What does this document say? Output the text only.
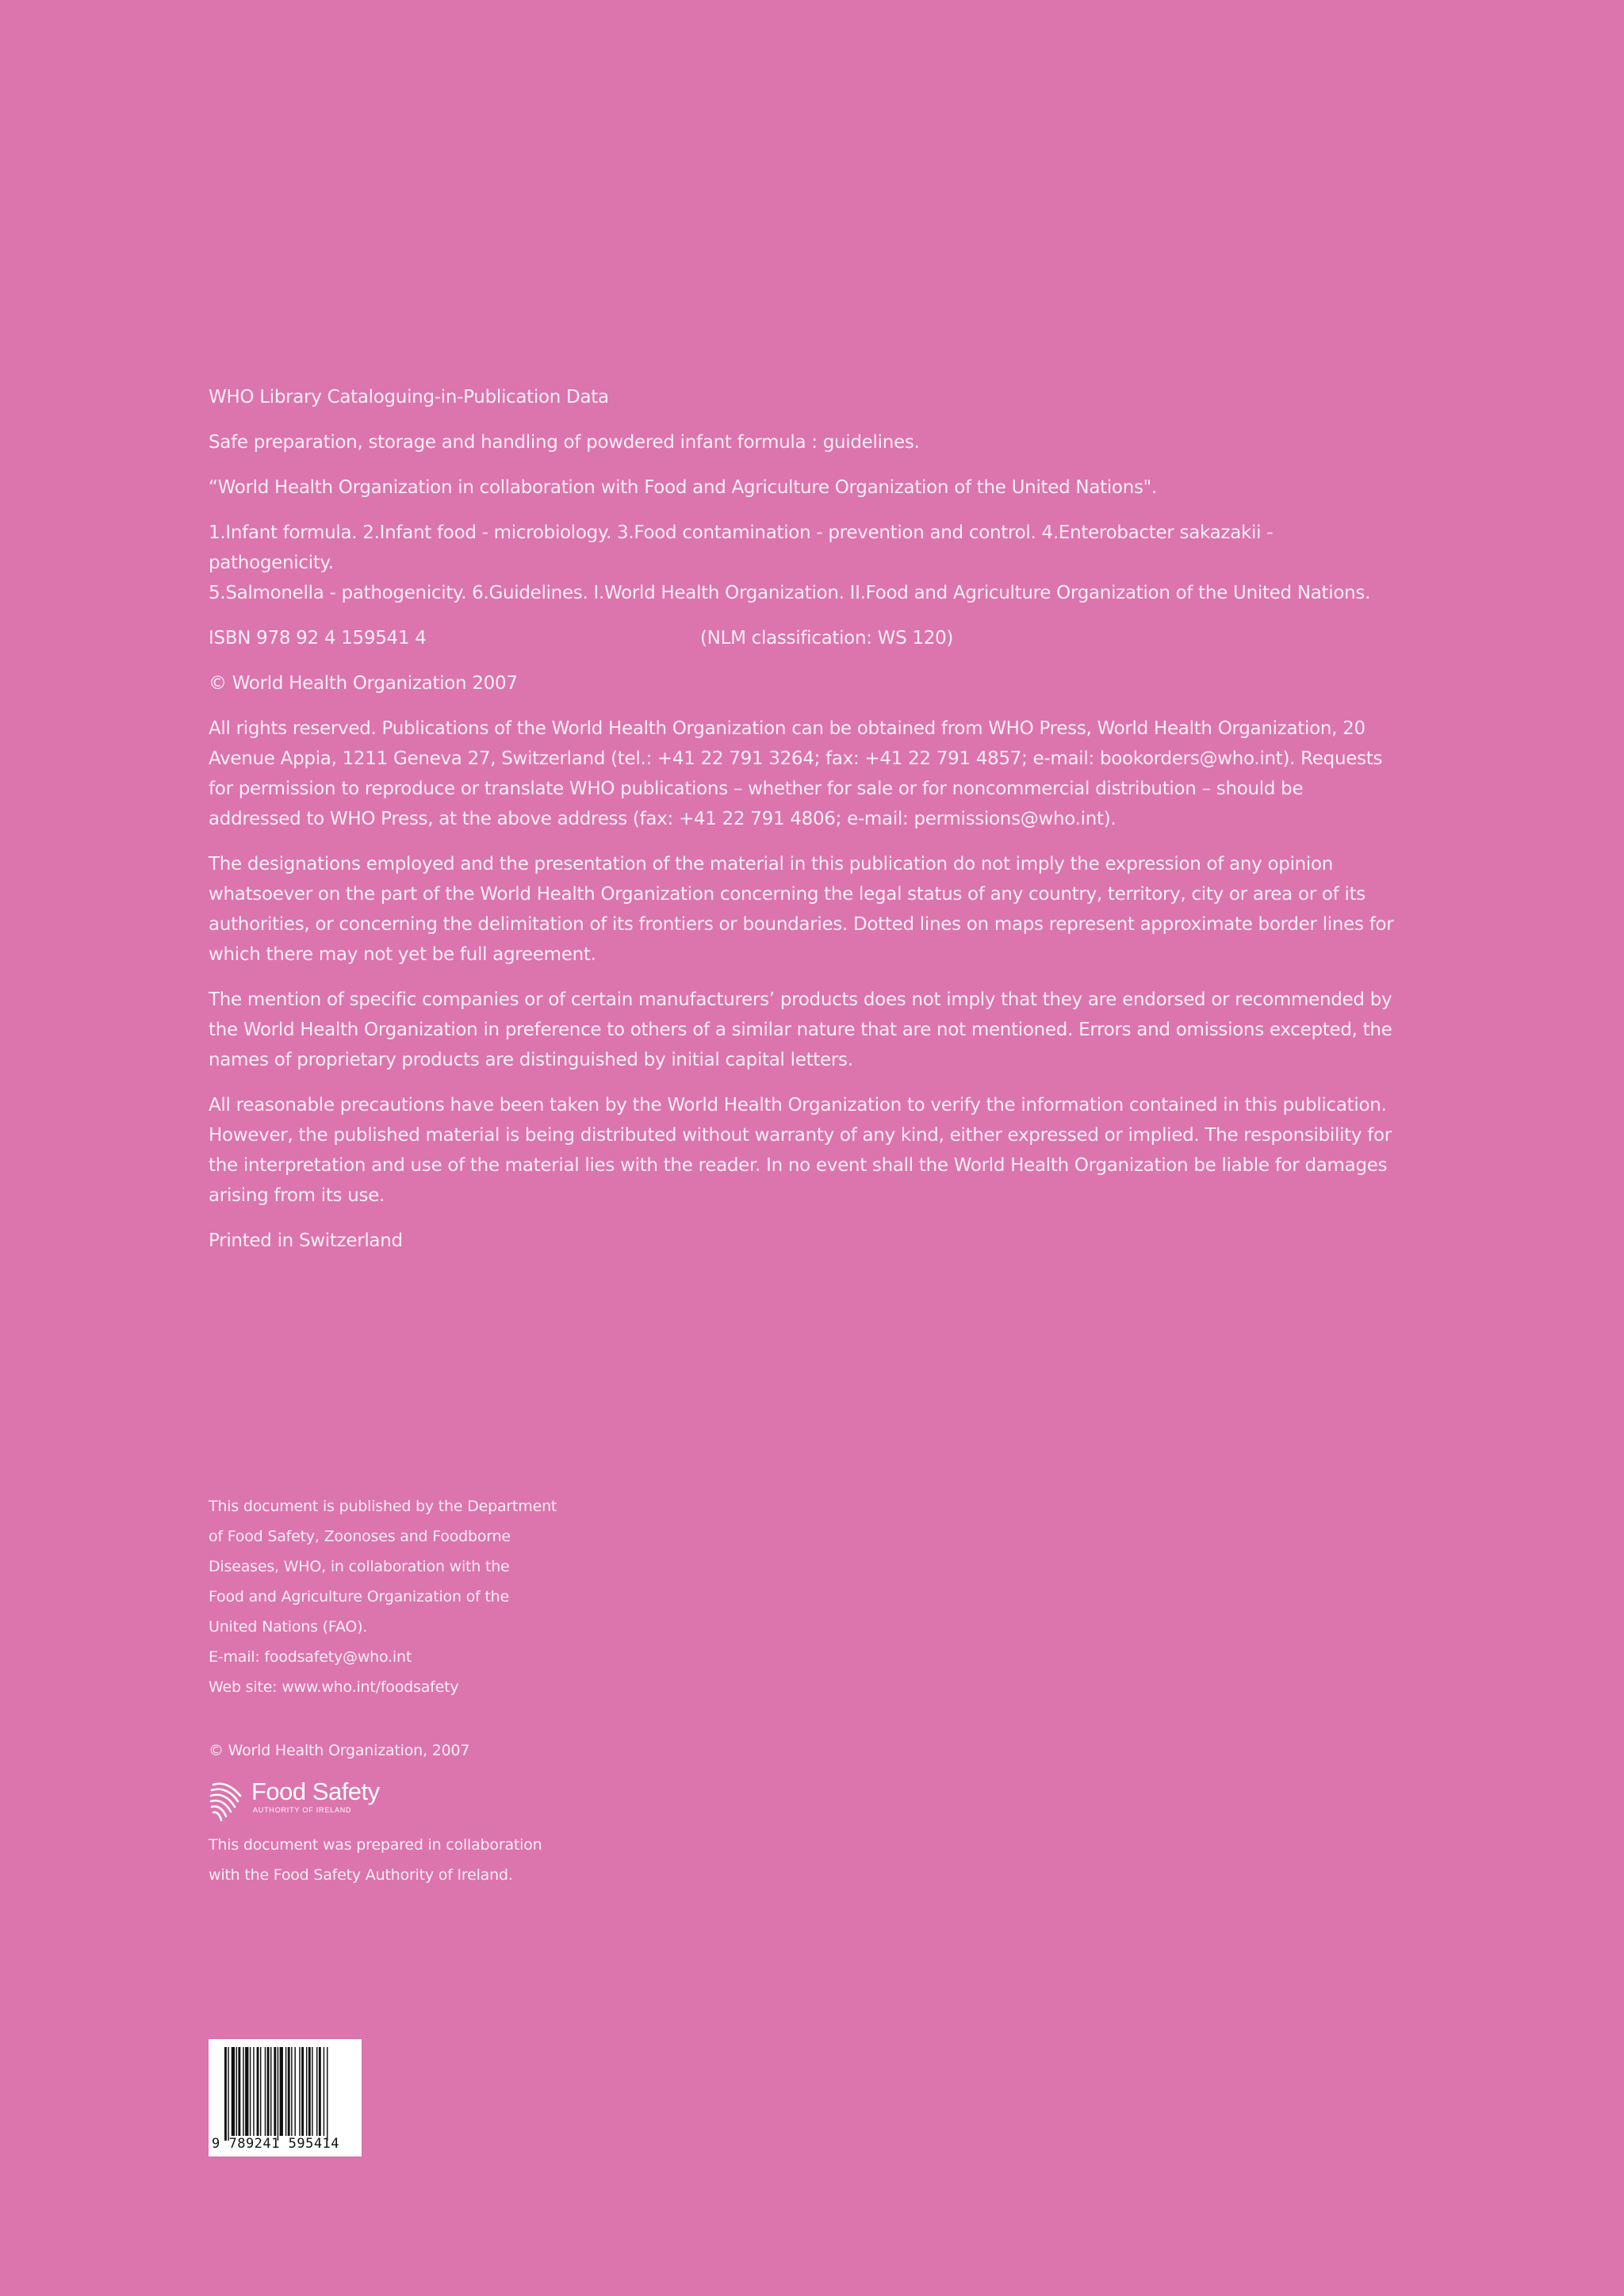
WHO Library Cataloguing-in-Publication Data

Safe preparation, storage and handling of powdered infant formula : guidelines.

“World Health Organization in collaboration with Food and Agriculture Organization of the United Nations".

1.Infant formula. 2.Infant food - microbiology. 3.Food contamination - prevention and control. 4.Enterobacter sakazakii - pathogenicity.
5.Salmonella - pathogenicity. 6.Guidelines. I.World Health Organization. II.Food and Agriculture Organization of the United Nations.

ISBN 978 92 4 159541 4	(NLM classification: WS 120)

© World Health Organization 2007

All rights reserved. Publications of the World Health Organization can be obtained from WHO Press, World Health Organization, 20 Avenue Appia, 1211 Geneva 27, Switzerland (tel.: +41 22 791 3264; fax: +41 22 791 4857; e-mail: bookorders@who.int). Requests for permission to reproduce or translate WHO publications – whether for sale or for noncommercial distribution – should be addressed to WHO Press, at the above address (fax: +41 22 791 4806; e-mail: permissions@who.int).

The designations employed and the presentation of the material in this publication do not imply the expression of any opinion whatsoever on the part of the World Health Organization concerning the legal status of any country, territory, city or area or of its authorities, or concerning the delimitation of its frontiers or boundaries. Dotted lines on maps represent approximate border lines for which there may not yet be full agreement.

The mention of specific companies or of certain manufacturers’ products does not imply that they are endorsed or recommended by the World Health Organization in preference to others of a similar nature that are not mentioned. Errors and omissions excepted, the names of proprietary products are distinguished by initial capital letters.

All reasonable precautions have been taken by the World Health Organization to verify the information contained in this publication. However, the published material is being distributed without warranty of any kind, either expressed or implied. The responsibility for the interpretation and use of the material lies with the reader. In no event shall the World Health Organization be liable for damages arising from its use.

Printed in Switzerland

This document is published by the Department
of Food Safety, Zoonoses and Foodborne
Diseases, WHO, in collaboration with the
Food and Agriculture Organization of the
United Nations (FAO).
E-mail: foodsafety@who.int
Web site: www.who.int/foodsafety
© World Health Organization, 2007
Food Safety
AUTHORITY OF IRELAND
This document was prepared in collaboration
with the Food Safety Authority of Ireland.
9 789241 595414
